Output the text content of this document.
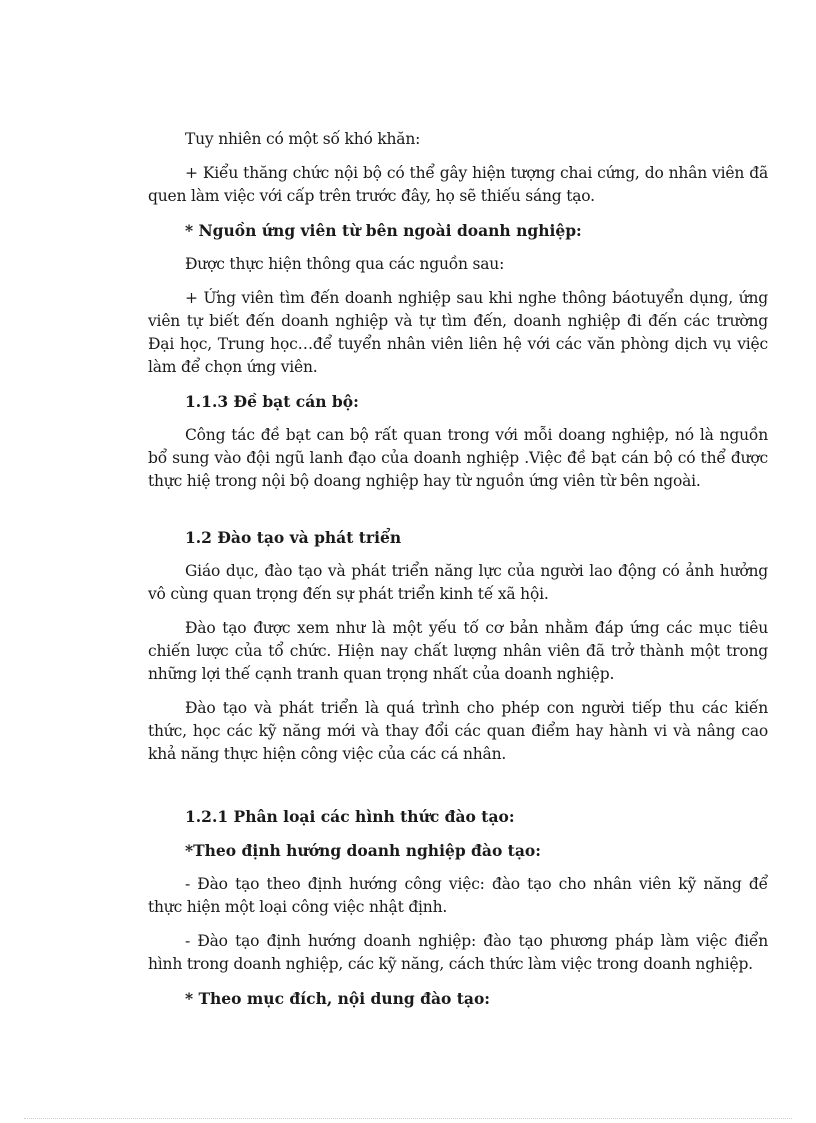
Tuy nhiên có một số khó khăn:

+ Kiểu thăng chức nội bộ có thể gây hiện tượng chai cứng, do nhân viên đã quen làm việc với cấp trên trước đây, họ sẽ thiếu sáng tạo.

* Nguồn ứng viên từ bên ngoài doanh nghiệp:

Được thực hiện thông qua các nguồn sau:

+ Ứng viên tìm đến doanh nghiệp sau khi nghe thông báotuyển dụng, ứng viên tự biết đến doanh nghiệp và tự tìm đến, doanh nghiệp đi đến các trường Đại học, Trung học…để tuyển nhân viên liên hệ với các văn phòng dịch vụ việc làm để chọn ứng viên.

1.1.3 Đề bạt cán bộ:

Công tác đề bạt can bộ rất quan trong với mỗi doang nghiệp, nó là nguồn bổ sung vào đội ngũ lanh đạo của doanh nghiệp .Việc đề bạt cán bộ có thể được thực hiệ trong nội bộ doang nghiệp hay từ nguồn ứng viên từ bên ngoài.

1.2 Đào tạo và phát triển

Giáo dục, đào tạo và phát triển năng lực của người lao động có ảnh hưởng vô cùng quan trọng đến sự phát triển kinh tế xã hội.

Đào tạo được xem như là một yếu tố cơ bản nhằm đáp ứng các mục tiêu chiến lược của tổ chức. Hiện nay chất lượng nhân viên đã trở thành một trong những lợi thế cạnh tranh quan trọng nhất của doanh nghiệp.

Đào tạo và phát triển là quá trình cho phép con người tiếp thu các kiến thức, học các kỹ năng mới và thay đổi các quan điểm hay hành vi và nâng cao khả năng thực hiện công việc của các cá nhân.

1.2.1 Phân loại các hình thức đào tạo:

*Theo định hướng doanh nghiệp đào tạo:

- Đào tạo theo định hướng công việc: đào tạo cho nhân viên kỹ năng để thực hiện một loại công việc nhật định.

- Đào tạo định hướng doanh nghiệp: đào tạo phương pháp làm việc điển hình trong doanh nghiệp, các kỹ năng, cách thức làm việc trong doanh nghiệp.

* Theo mục đích, nội dung đào tạo:
